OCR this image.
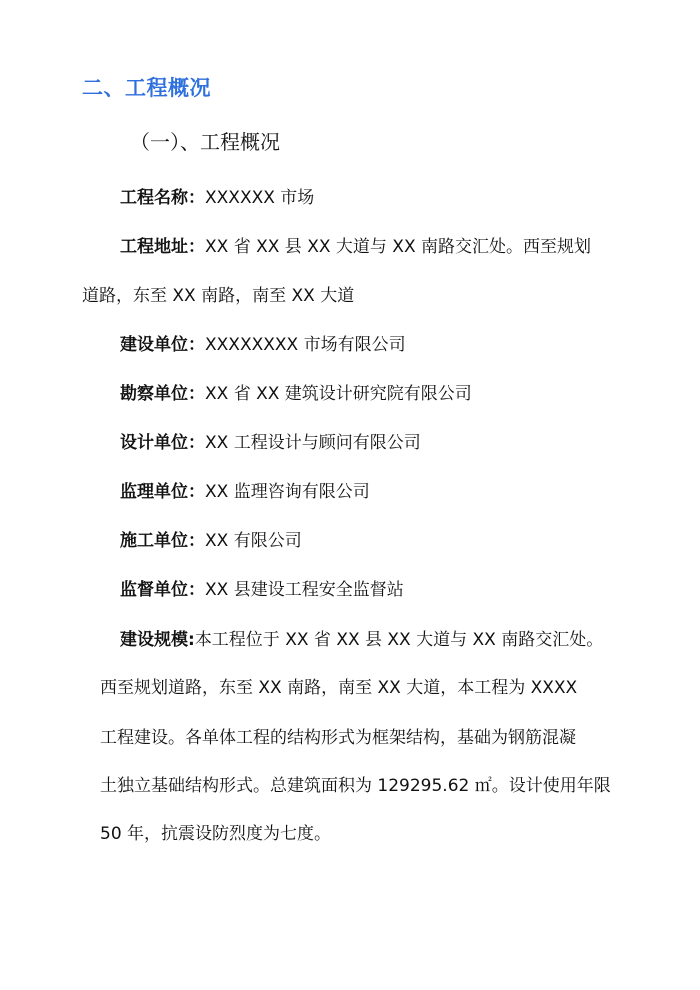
二、工程概况
（一）、工程概况
工程名称：XXXXXX 市场
工程地址：XX 省 XX 县 XX 大道与 XX 南路交汇处。西至规划
道路，东至 XX 南路，南至 XX 大道
建设单位：XXXXXXXX 市场有限公司
勘察单位：XX 省 XX 建筑设计研究院有限公司
设计单位：XX 工程设计与顾问有限公司
监理单位：XX 监理咨询有限公司
施工单位：XX 有限公司
监督单位：XX 县建设工程安全监督站
建设规模:本工程位于 XX 省 XX 县 XX 大道与 XX 南路交汇处。
西至规划道路，东至 XX 南路，南至 XX 大道，本工程为 XXXX
工程建设。各单体工程的结构形式为框架结构，基础为钢筋混凝
土独立基础结构形式。总建筑面积为 129295.62 ㎡。设计使用年限
50 年，抗震设防烈度为七度。
